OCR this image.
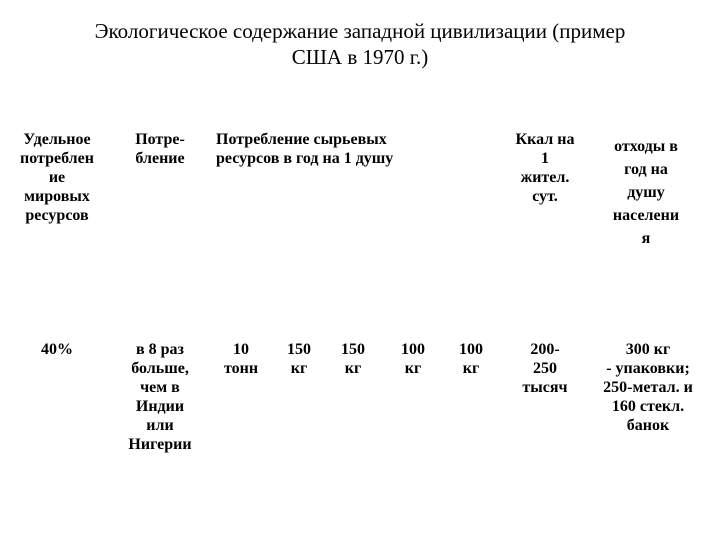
Экологическое содержание западной цивилизации (пример
США в 1970 г.)
Удельное
потреблен
ие
мировых
ресурсов
Потре-
бление
Потребление сырьевых
ресурсов в год на 1 душу
Ккал на
1
жител.
сут.
отходы в
год на
душу
населени
я
40%	в 8 раз
больше,
чем в
Индии
или
Нигерии
10
тонн
150
кг
150
кг
100
кг
100
кг
200-
250
тысяч
300 кг
- упаковки;
250-метал. и
160 стекл.
банок
